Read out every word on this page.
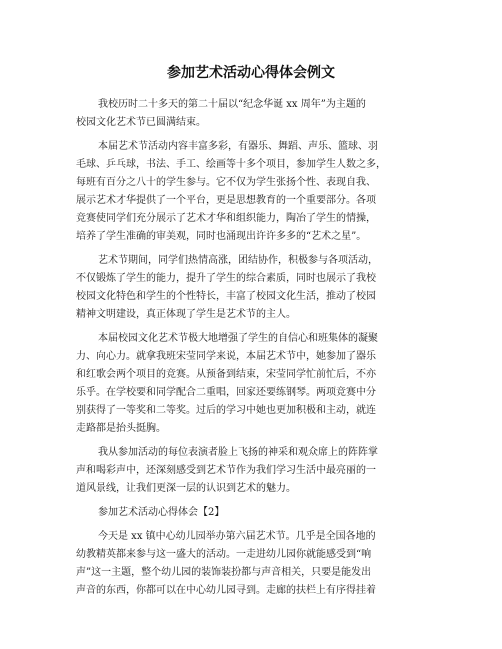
参加艺术活动心得体会例文
我校历时二十多天的第二十届以“纪念华诞 xx 周年”为主题的
校园文化艺术节已圆满结束。
本届艺术节活动内容丰富多彩，有器乐、舞蹈、声乐、篮球、羽
毛球、乒乓球，书法、手工、绘画等十多个项目，参加学生人数之多，
每班有百分之八十的学生参与。它不仅为学生张扬个性、表现自我、
展示艺术才华提供了一个平台，更是思想教育的一个重要部分。各项
竞赛使同学们充分展示了艺术才华和组织能力，陶冶了学生的情操，
培养了学生准确的审美观，同时也涌现出许许多多的“艺术之星”。
艺术节期间，同学们热情高涨，团结协作，积极参与各项活动，
不仅锻炼了学生的能力，提升了学生的综合素质，同时也展示了我校
校园文化特色和学生的个性特长，丰富了校园文化生活，推动了校园
精神文明建设，真正体现了学生是艺术节的主人。
本届校园文化艺术节极大地增强了学生的自信心和班集体的凝聚
力、向心力。就拿我班宋莹同学来说，本届艺术节中，她参加了器乐
和红歌会两个项目的竞赛。从预备到结束，宋莹同学忙前忙后，不亦
乐乎。在学校要和同学配合二重唱，回家还要练钢琴。两项竞赛中分
别获得了一等奖和二等奖。过后的学习中她也更加积极和主动，就连
走路都是抬头挺胸。
我从参加活动的每位表演者脸上飞扬的神采和观众席上的阵阵掌
声和喝彩声中，还深刻感受到艺术节作为我们学习生活中最亮丽的一
道风景线，让我们更深一层的认识到艺术的魅力。
参加艺术活动心得体会【2】
今天是 xx 镇中心幼儿园举办第六届艺术节。几乎是全国各地的
幼教精英都来参与这一盛大的活动。一走进幼儿园你就能感受到“响
声”这一主题，整个幼儿园的装饰装扮都与声音相关，只要是能发出
声音的东西，你都可以在中心幼儿园寻到。走廊的扶栏上有序得挂着
